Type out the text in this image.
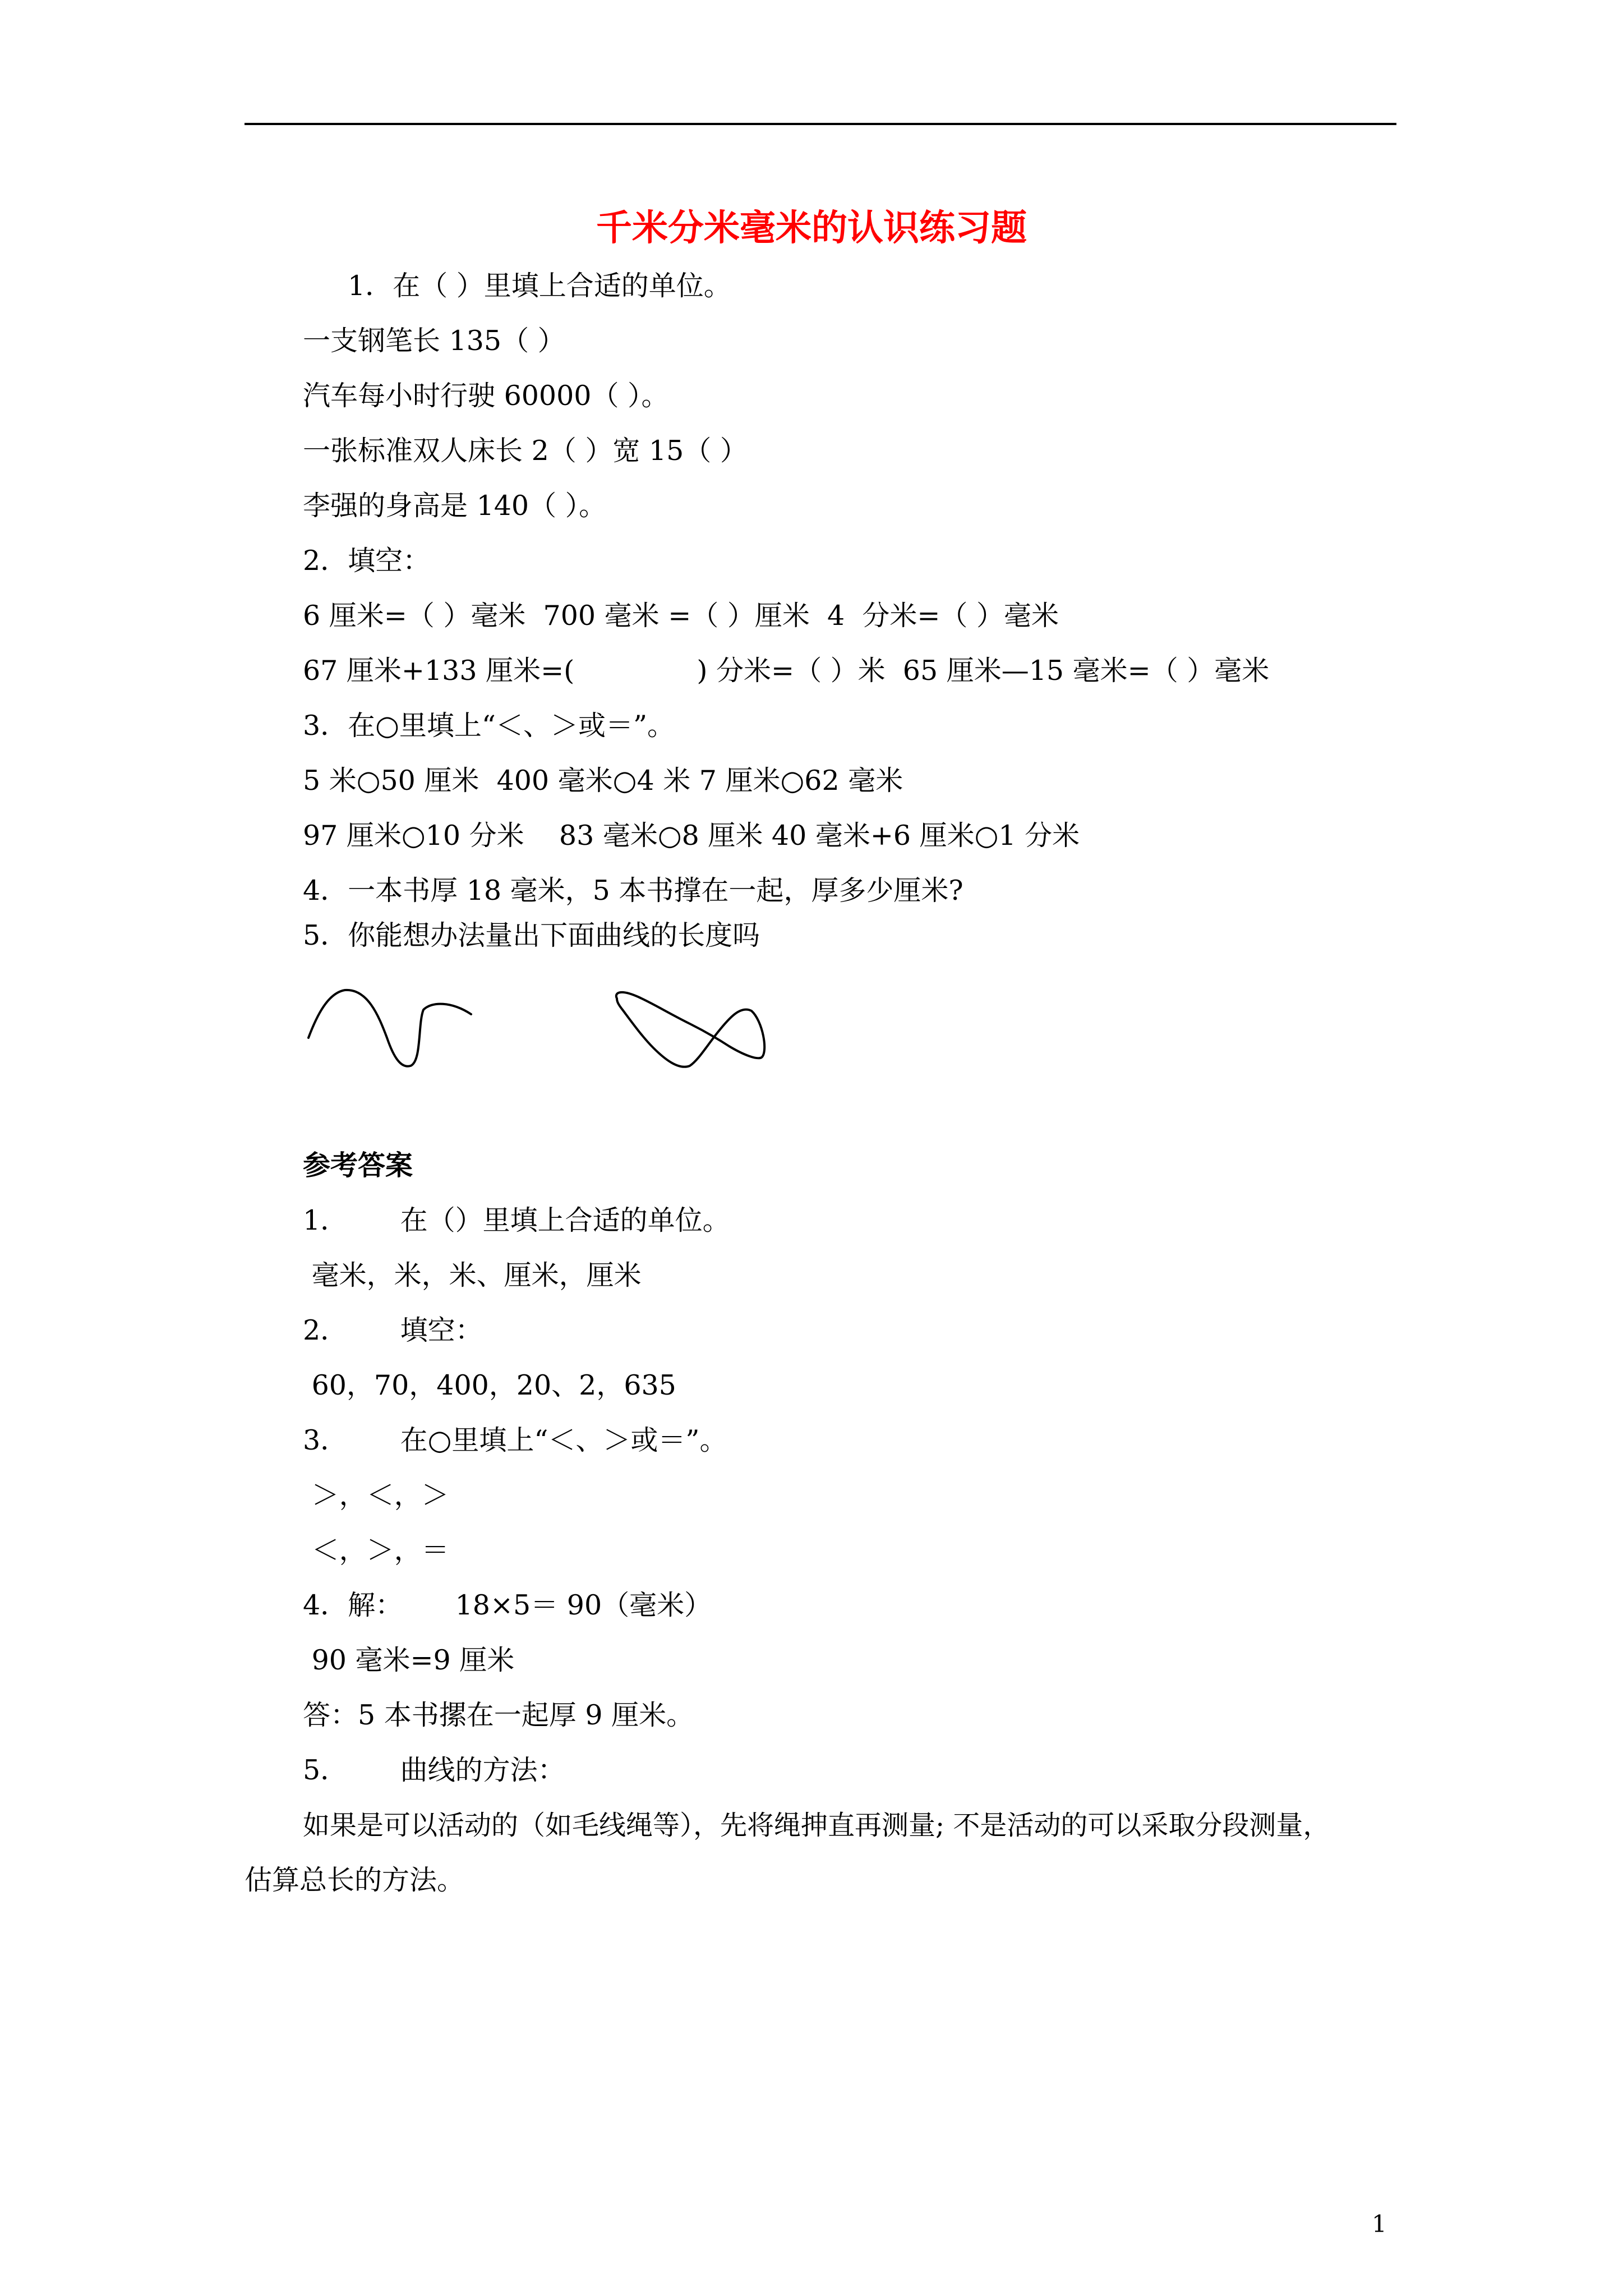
千米分米毫米的认识练习题
1．在（ ）里填上合适的单位。
一支钢笔长 135（ ）
汽车每小时行驶 60000（ ）。
一张标准双人床长 2（ ）宽 15（ ）
李强的身高是 140（ ）。
2．填空：
6 厘米=（ ）毫米  700 毫米 =（ ）厘米  4  分米=（ ）毫米
67 厘米+133 厘米=(              ) 分米=（ ）米  65 厘米—15 毫米=（ ）毫米
3．在○里填上“＜、＞或＝”。
5 米○50 厘米  400 毫米○4 米 7 厘米○62 毫米
97 厘米○10 分米    83 毫米○8 厘米 40 毫米+6 厘米○1 分米
4．一本书厚 18 毫米，5 本书撑在一起，厚多少厘米?
5．你能想办法量出下面曲线的长度吗
参考答案
1．      在（）里填上合适的单位。
毫米，米，米、厘米，厘米
2．      填空：
60，70，400，20、2，635
3．      在○里填上“＜、＞或＝”。
＞，＜，＞
＜，＞，＝
4．解：      18×5＝ 90（毫米）
90 毫米=9 厘米
答：5 本书摞在一起厚 9 厘米。
5．      曲线的方法：
如果是可以活动的（如毛线绳等），先将绳抻直再测量; 不是活动的可以采取分段测量，
估算总长的方法。
1
